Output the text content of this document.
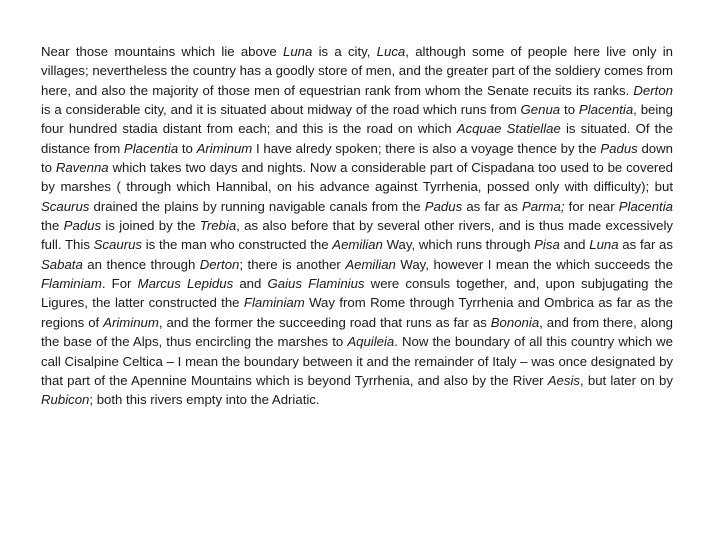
Near those mountains which lie above Luna is a city, Luca, although some of people here live only in villages; nevertheless the country has a goodly store of men, and the greater part of the soldiery comes from here, and also the majority of those men of equestrian rank from whom the Senate recuits its ranks. Derton is a considerable city, and it is situated about midway of the road which runs from Genua to Placentia, being four hundred stadia distant from each; and this is the road on which Acquae Statiellae is situated. Of the distance from Placentia to Ariminum I have alredy spoken; there is also a voyage thence by the Padus down to Ravenna which takes two days and nights. Now a considerable part of Cispadana too used to be covered by marshes ( through which Hannibal, on his advance against Tyrrhenia, possed only with difficulty); but Scaurus drained the plains by running navigable canals from the Padus as far as Parma; for near Placentia the Padus is joined by the Trebia, as also before that by several other rivers, and is thus made excessively full. This Scaurus is the man who constructed the Aemilian Way, which runs through Pisa and Luna as far as Sabata an thence through Derton; there is another Aemilian Way, however I mean the which succeeds the Flaminiam. For Marcus Lepidus and Gaius Flaminius were consuls together, and, upon subjugating the Ligures, the latter constructed the Flaminiam Way from Rome through Tyrrhenia and Ombrica as far as the regions of Ariminum, and the former the succeeding road that runs as far as Bononia, and from there, along the base of the Alps, thus encircling the marshes to Aquileia. Now the boundary of all this country which we call Cisalpine Celtica – I mean the boundary between it and the remainder of Italy – was once designated by that part of the Apennine Mountains which is beyond Tyrrhenia, and also by the River Aesis, but later on by Rubicon; both this rivers empty into the Adriatic.
